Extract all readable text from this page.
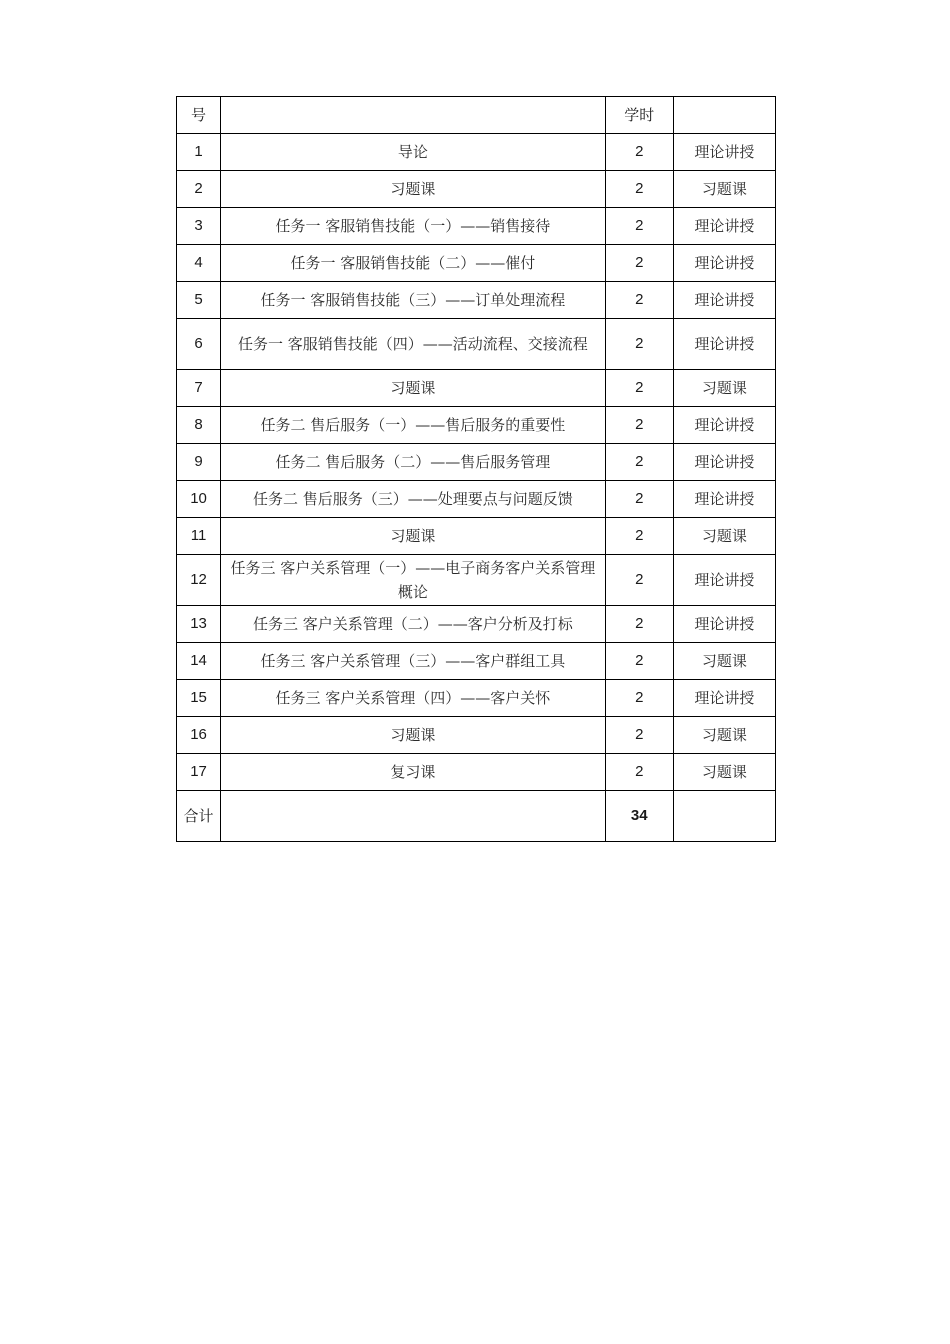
号		学时	
1	导论	2	理论讲授
2	习题课	2	习题课
3	任务一 客服销售技能（一）——销售接待	2	理论讲授
4	任务一 客服销售技能（二）——催付	2	理论讲授
5	任务一 客服销售技能（三）——订单处理流程	2	理论讲授
6	任务一 客服销售技能（四）——活动流程、交接流程	2	理论讲授
7	习题课	2	习题课
8	任务二 售后服务（一）——售后服务的重要性	2	理论讲授
9	任务二 售后服务（二）——售后服务管理	2	理论讲授
10	任务二 售后服务（三）——处理要点与问题反馈	2	理论讲授
11	习题课	2	习题课
12	任务三 客户关系管理（一）——电子商务客户关系管理概论	2	理论讲授
13	任务三 客户关系管理（二）——客户分析及打标	2	理论讲授
14	任务三 客户关系管理（三）——客户群组工具	2	习题课
15	任务三 客户关系管理（四）——客户关怀	2	理论讲授
16	习题课	2	习题课
17	复习课	2	习题课
合计		34	
